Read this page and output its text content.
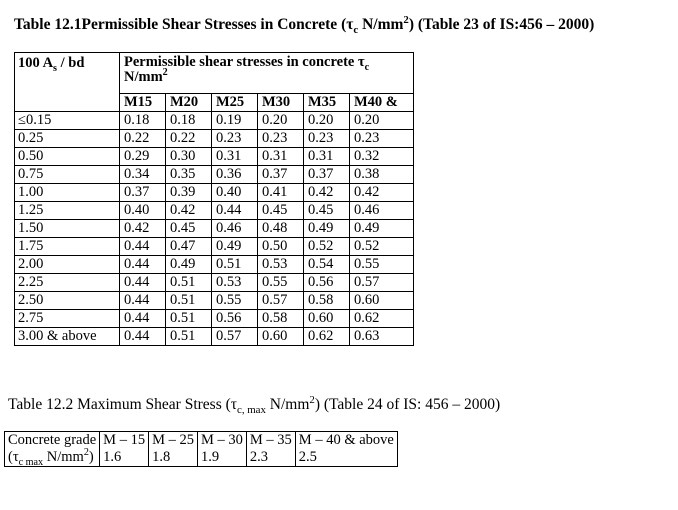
Table 12.1Permissible Shear Stresses in Concrete ($\tau_c$ $N/mm^2$) (Table 23 of IS:456 – 2000)
100 $A_s$ / bd	Permissible shear stresses in concrete $\tau_c$
$N/mm^2$
	M15	M20	M25	M30	M35	M40 &
≤0.15	0.18	0.18	0.19	0.20	0.20	0.20
0.25	0.22	0.22	0.23	0.23	0.23	0.23
0.50	0.29	0.30	0.31	0.31	0.31	0.32
0.75	0.34	0.35	0.36	0.37	0.37	0.38
1.00	0.37	0.39	0.40	0.41	0.42	0.42
1.25	0.40	0.42	0.44	0.45	0.45	0.46
1.50	0.42	0.45	0.46	0.48	0.49	0.49
1.75	0.44	0.47	0.49	0.50	0.52	0.52
2.00	0.44	0.49	0.51	0.53	0.54	0.55
2.25	0.44	0.51	0.53	0.55	0.56	0.57
2.50	0.44	0.51	0.55	0.57	0.58	0.60
2.75	0.44	0.51	0.56	0.58	0.60	0.62
3.00 & above	0.44	0.51	0.57	0.60	0.62	0.63
Table 12.2 Maximum Shear Stress ($\tau_{c, max}$ $N/mm^2$) (Table 24 of IS: 456 – 2000)
Concrete grade	M – 15	M – 25	M – 30	M – 35	M – 40 & above
($\tau_{c max}$ $N/mm^2$)	1.6	1.8	1.9	2.3	2.5
